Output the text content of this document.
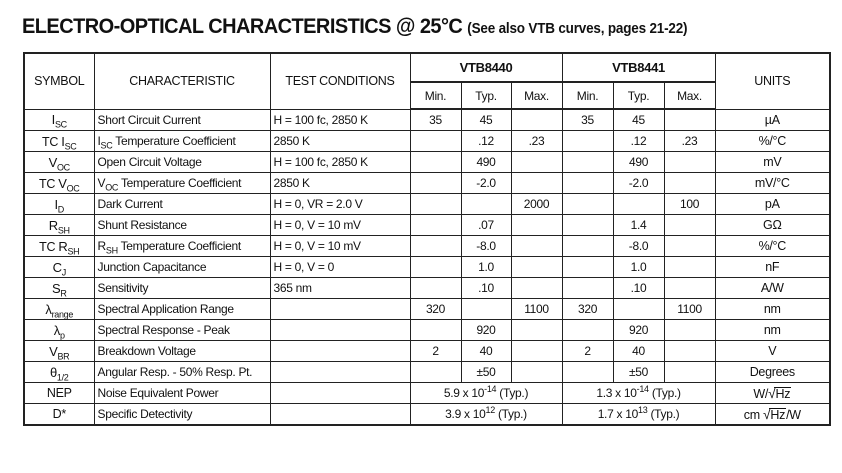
ELECTRO-OPTICAL CHARACTERISTICS @ 25°C (See also VTB curves, pages 21-22)
SYMBOL	CHARACTERISTIC	TEST CONDITIONS	VTB8440			VTB8441			UNITS
			Min.	Typ.	Max.	Min.	Typ.	Max.	
$I_{SC}$	Short Circuit Current	H = 100 fc, 2850 K	35	45		35	45		µA
TC $I_{SC}$	$I_{SC}$ Temperature Coefficient	2850 K		.12	.23		.12	.23	%/°C
$V_{OC}$	Open Circuit Voltage	H = 100 fc, 2850 K		490			490		mV
TC $V_{OC}$	$V_{OC}$ Temperature Coefficient	2850 K		-2.0			-2.0		mV/°C
$I_D$	Dark Current	H = 0, VR = 2.0 V			2000			100	pA
$R_{SH}$	Shunt Resistance	H = 0, V = 10 mV		.07			1.4		GΩ
TC $R_{SH}$	$R_{SH}$ Temperature Coefficient	H = 0, V = 10 mV		-8.0			-8.0		%/°C
$C_J$	Junction Capacitance	H = 0, V = 0		1.0			1.0		nF
$S_R$	Sensitivity	365 nm		.10			.10		A/W
$\lambda_{range}$	Spectral Application Range		320		1100	320		1100	nm
$\lambda_p$	Spectral Response - Peak			920			920		nm
$V_{BR}$	Breakdown Voltage		2	40		2	40		V
$\theta_{1/2}$	Angular Resp. - 50% Resp. Pt.			±50			±50		Degrees
NEP	Noise Equivalent Power		5.9 x $10^{-14}$ (Typ.)			1.3 x $10^{-14}$ (Typ.)			W/√Hz
D*	Specific Detectivity		3.9 x $10^{12}$ (Typ.)			1.7 x $10^{13}$ (Typ.)			cm √Hz/W
